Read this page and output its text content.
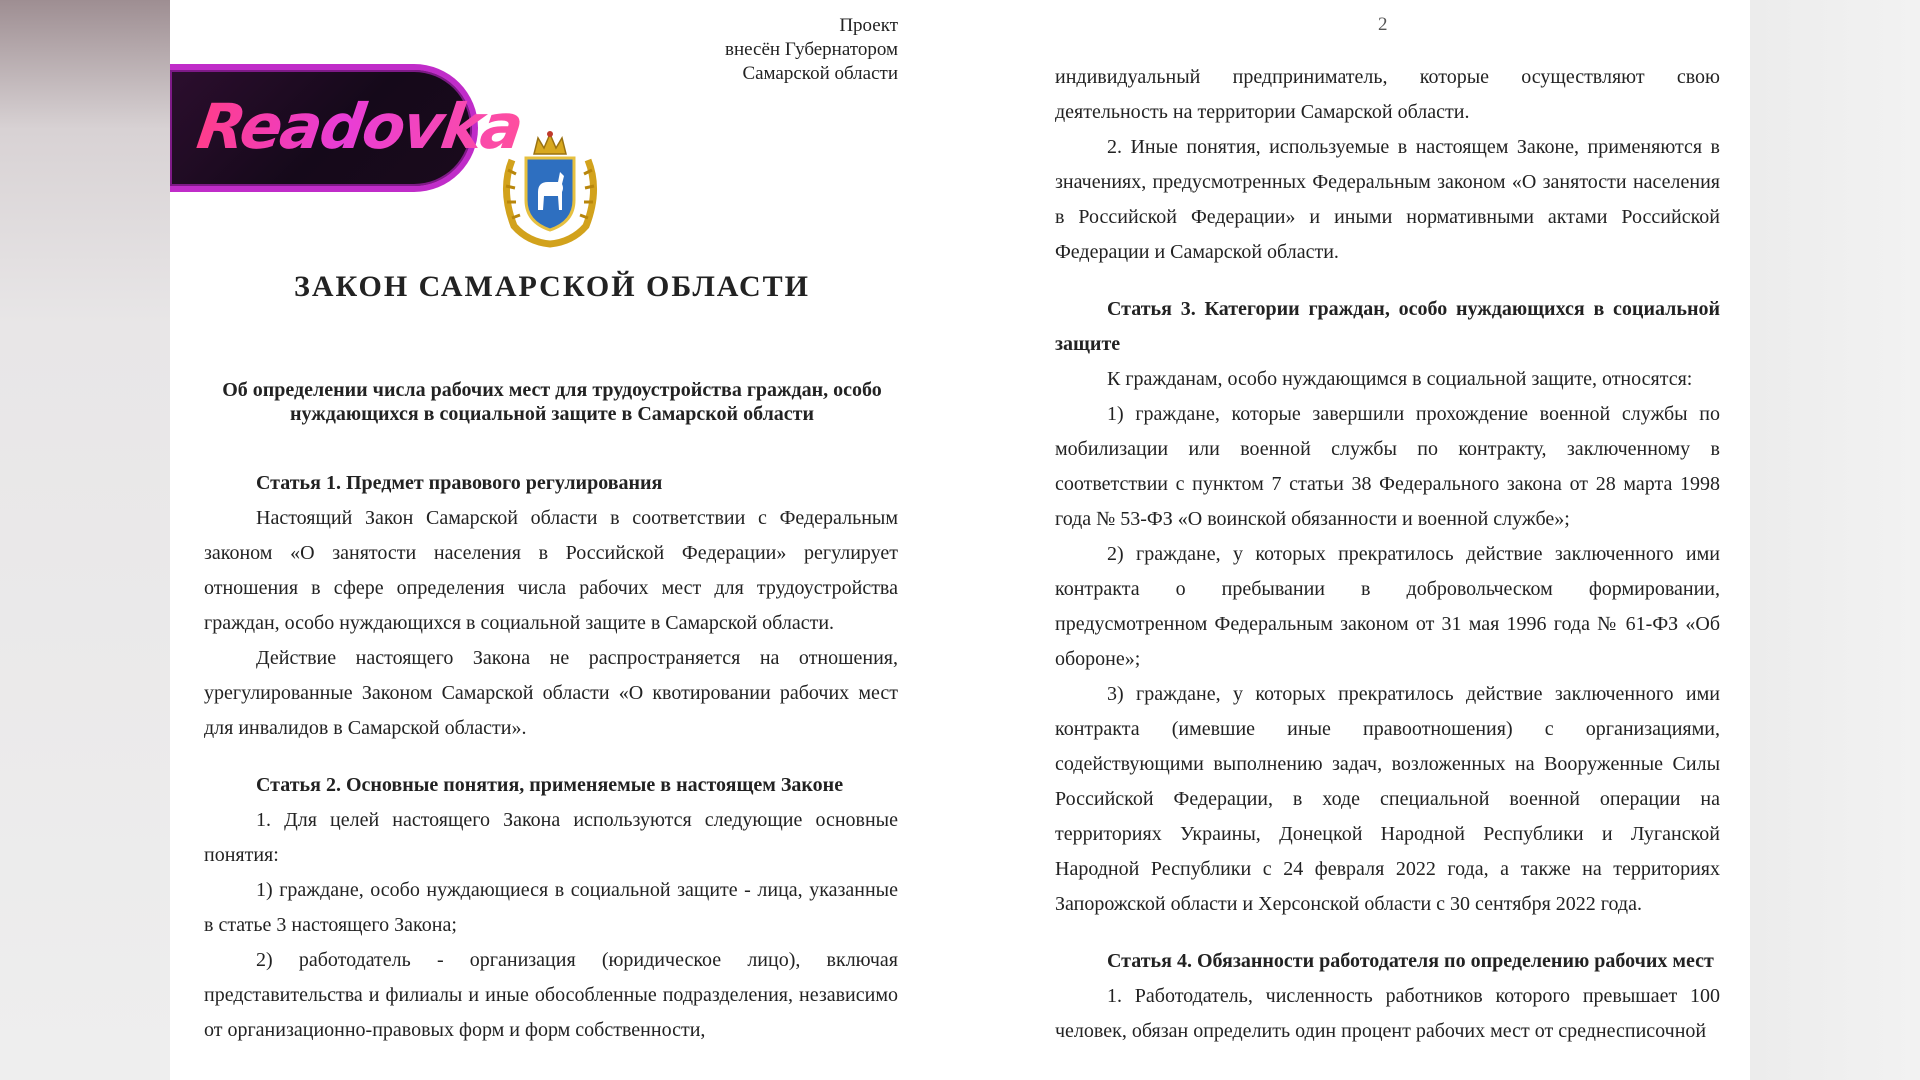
Readovka
Проект
внесён Губернатором
Самарской области
ЗАКОН САМАРСКОЙ ОБЛАСТИ
Об определении числа рабочих мест для трудоустройства граждан, особо
нуждающихся в социальной защите в Самарской области

Статья 1. Предмет правового регулирования

Настоящий Закон Самарской области в соответствии с Федеральным законом «О занятости населения в Российской Федерации» регулирует отношения в сфере определения числа рабочих мест для трудоустройства граждан, особо нуждающихся в социальной защите в Самарской области.

Действие настоящего Закона не распространяется на отношения, урегулированные Законом Самарской области «О квотировании рабочих мест для инвалидов в Самарской области».

Статья 2. Основные понятия, применяемые в настоящем Законе

1. Для целей настоящего Закона используются следующие основные понятия:

1) граждане, особо нуждающиеся в социальной защите - лица, указанные в статье 3 настоящего Закона;

2) работодатель - организация (юридическое лицо), включая представительства и филиалы и иные обособленные подразделения, независимо от организационно-правовых форм и форм собственности,

2

индивидуальный предприниматель, которые осуществляют свою деятельность на территории Самарской области.

2. Иные понятия, используемые в настоящем Законе, применяются в значениях, предусмотренных Федеральным законом «О занятости населения в Российской Федерации» и иными нормативными актами Российской Федерации и Самарской области.

Статья 3. Категории граждан, особо нуждающихся в социальной защите

К гражданам, особо нуждающимся в социальной защите, относятся:

1) граждане, которые завершили прохождение военной службы по мобилизации или военной службы по контракту, заключенному в соответствии с пунктом 7 статьи 38 Федерального закона от 28 марта 1998 года № 53-ФЗ «О воинской обязанности и военной службе»;

2) граждане, у которых прекратилось действие заключенного ими контракта о пребывании в добровольческом формировании, предусмотренном Федеральным законом от 31 мая 1996 года № 61-ФЗ «Об обороне»;

3) граждане, у которых прекратилось действие заключенного ими контракта (имевшие иные правоотношения) с организациями, содействующими выполнению задач, возложенных на Вооруженные Силы Российской Федерации, в ходе специальной военной операции на территориях Украины, Донецкой Народной Республики и Луганской Народной Республики с 24 февраля 2022 года, а также на территориях Запорожской области и Херсонской области с 30 сентября 2022 года.

Статья 4. Обязанности работодателя по определению рабочих мест

1. Работодатель, численность работников которого превышает 100 человек, обязан определить один процент рабочих мест от среднесписочной
